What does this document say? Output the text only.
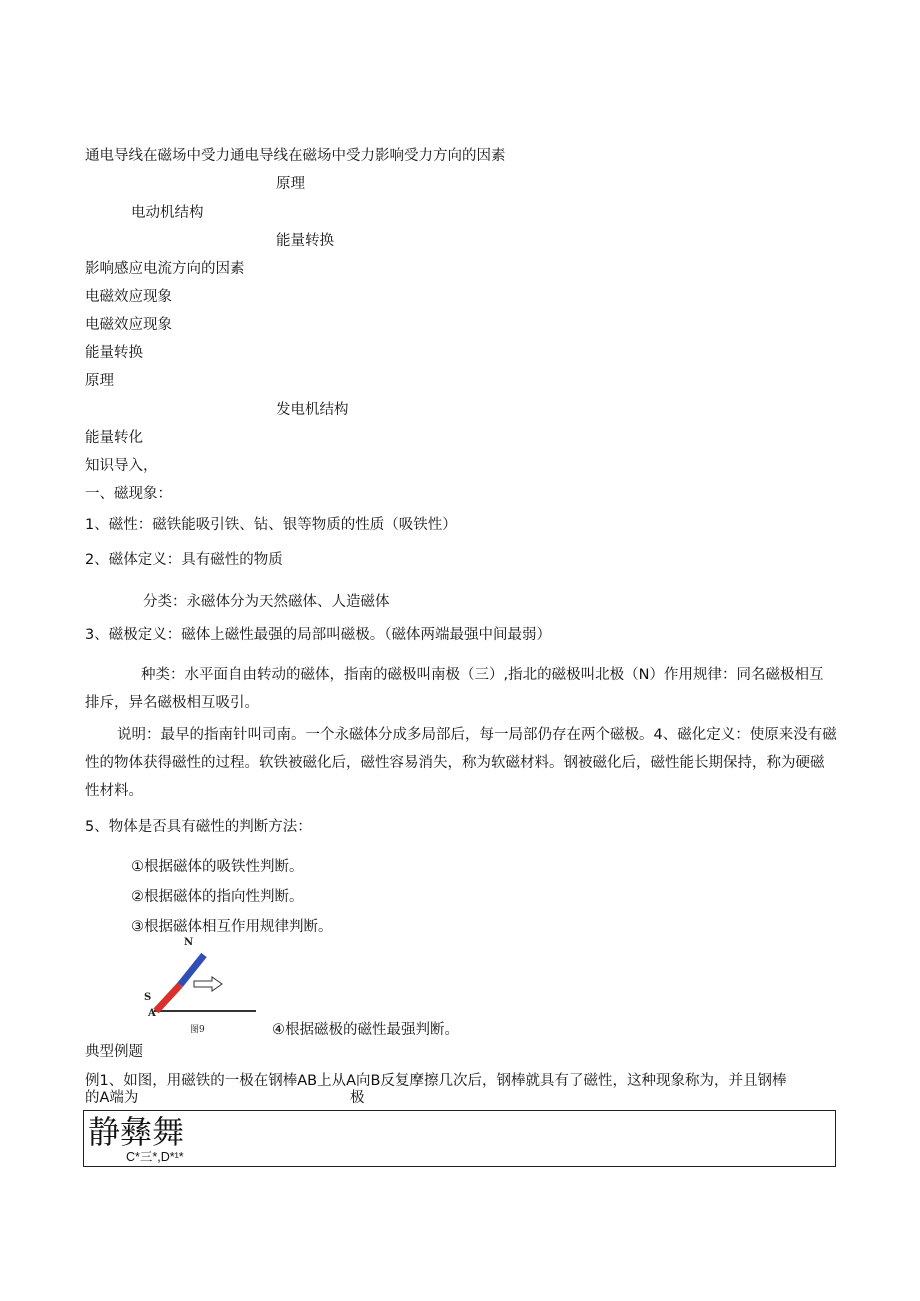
通电导线在磁场中受力通电导线在磁场中受力影响受力方向的因素
原理
电动机结构
能量转换
影响感应电流方向的因素
电磁效应现象
电磁效应现象
能量转换
原理
发电机结构
能量转化
知识导入，
一、磁现象：
1、磁性：磁铁能吸引铁、钻、银等物质的性质（吸铁性）
2、磁体定义：具有磁性的物质
分类：永磁体分为天然磁体、人造磁体
3、磁极定义：磁体上磁性最强的局部叫磁极。（磁体两端最强中间最弱）
种类：水平面自由转动的磁体，指南的磁极叫南极（三）,指北的磁极叫北极（N）作用规律：同名磁极相互排斥，异名磁极相互吸引。
说明：最早的指南针叫司南。一个永磁体分成多局部后，每一局部仍存在两个磁极。4、磁化定义：使原来没有磁性的物体获得磁性的过程。软铁被磁化后，磁性容易消失，称为软磁材料。钢被磁化后，磁性能长期保持，称为硬磁性材料。
5、物体是否具有磁性的判断方法：
①根据磁体的吸铁性判断。
②根据磁体的指向性判断。
③根据磁体相互作用规律判断。
N
S
A
图9	④根据磁极的磁性最强判断。
典型例题
例1、如图，用磁铁的一极在钢棒AB上从A向B反复摩擦几次后，钢棒就具有了磁性，这种现象称为，并且钢棒
的A端为	极
静彝舞
C*三*,D*¹*
